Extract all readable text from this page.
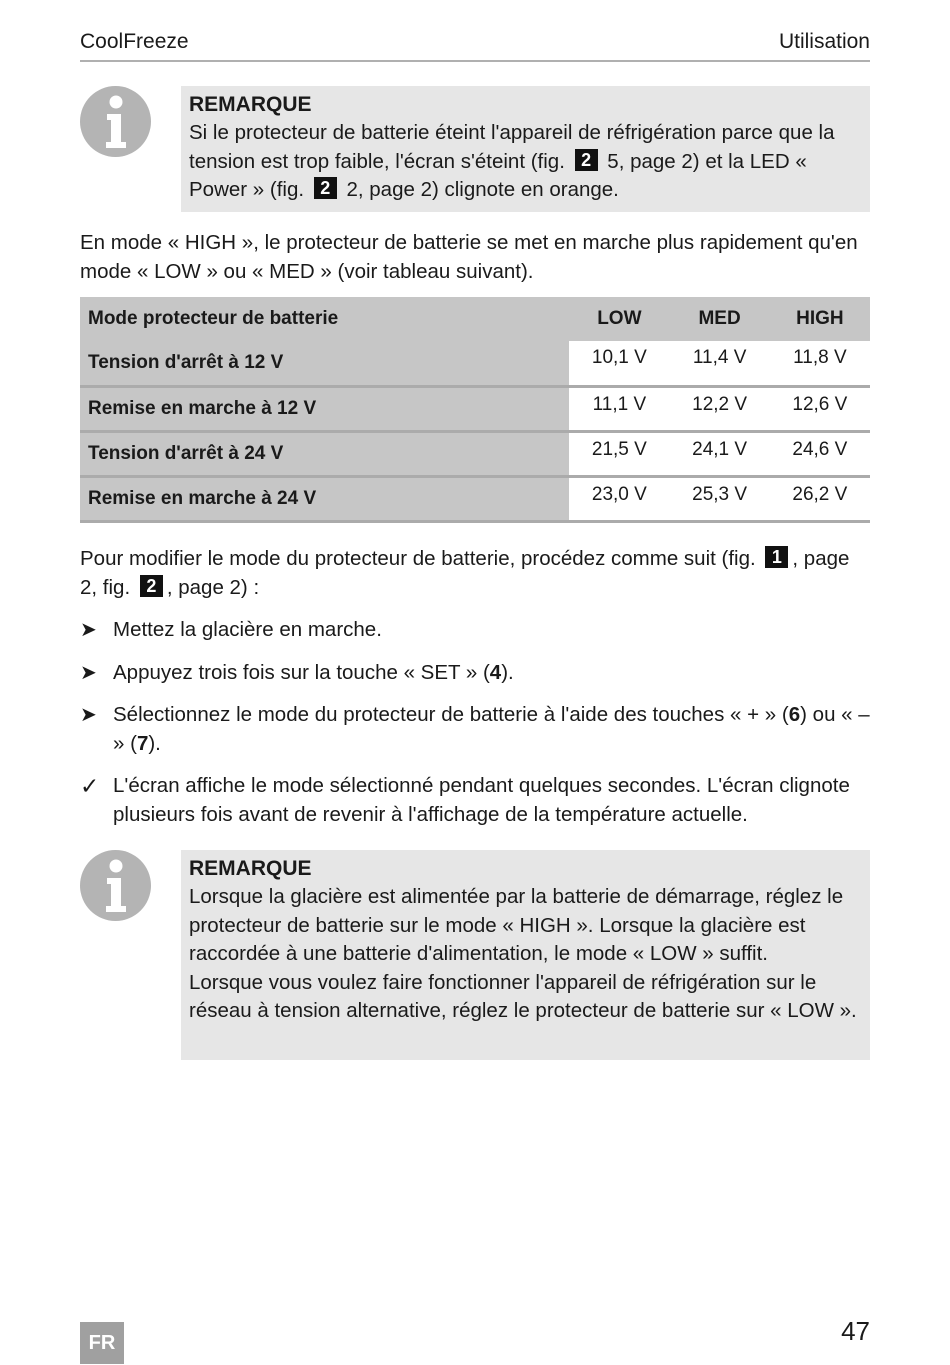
CoolFreeze	Utilisation
REMARQUE
Si le protecteur de batterie éteint l'appareil de réfrigération parce que la tension est trop faible, l'écran s'éteint (fig. 2 5, page 2) et la LED « Power » (fig. 2 2, page 2) clignote en orange.
En mode « HIGH », le protecteur de batterie se met en marche plus rapidement qu'en mode « LOW » ou « MED » (voir tableau suivant).
Mode protecteur de batterie	LOW	MED	HIGH
Tension d'arrêt à 12 V	10,1 V	11,4 V	11,8 V
Remise en marche à 12 V	11,1 V	12,2 V	12,6 V
Tension d'arrêt à 24 V	21,5 V	24,1 V	24,6 V
Remise en marche à 24 V	23,0 V	25,3 V	26,2 V
Pour modifier le mode du protecteur de batterie, procédez comme suit (fig. 1 , page 2, fig. 2 , page 2) :
➤ Mettez la glacière en marche.
➤ Appuyez trois fois sur la touche « SET » (4).
➤ Sélectionnez le mode du protecteur de batterie à l'aide des touches « + » (6) ou « – » (7).
✓ L'écran affiche le mode sélectionné pendant quelques secondes. L'écran clignote plusieurs fois avant de revenir à l'affichage de la température actuelle.
REMARQUE
Lorsque la glacière est alimentée par la batterie de démarrage, réglez le protecteur de batterie sur le mode « HIGH ». Lorsque la glacière est raccordée à une batterie d'alimentation, le mode « LOW » suffit.
Lorsque vous voulez faire fonctionner l'appareil de réfrigération sur le réseau à tension alternative, réglez le protecteur de batterie sur « LOW ».
FR	47
